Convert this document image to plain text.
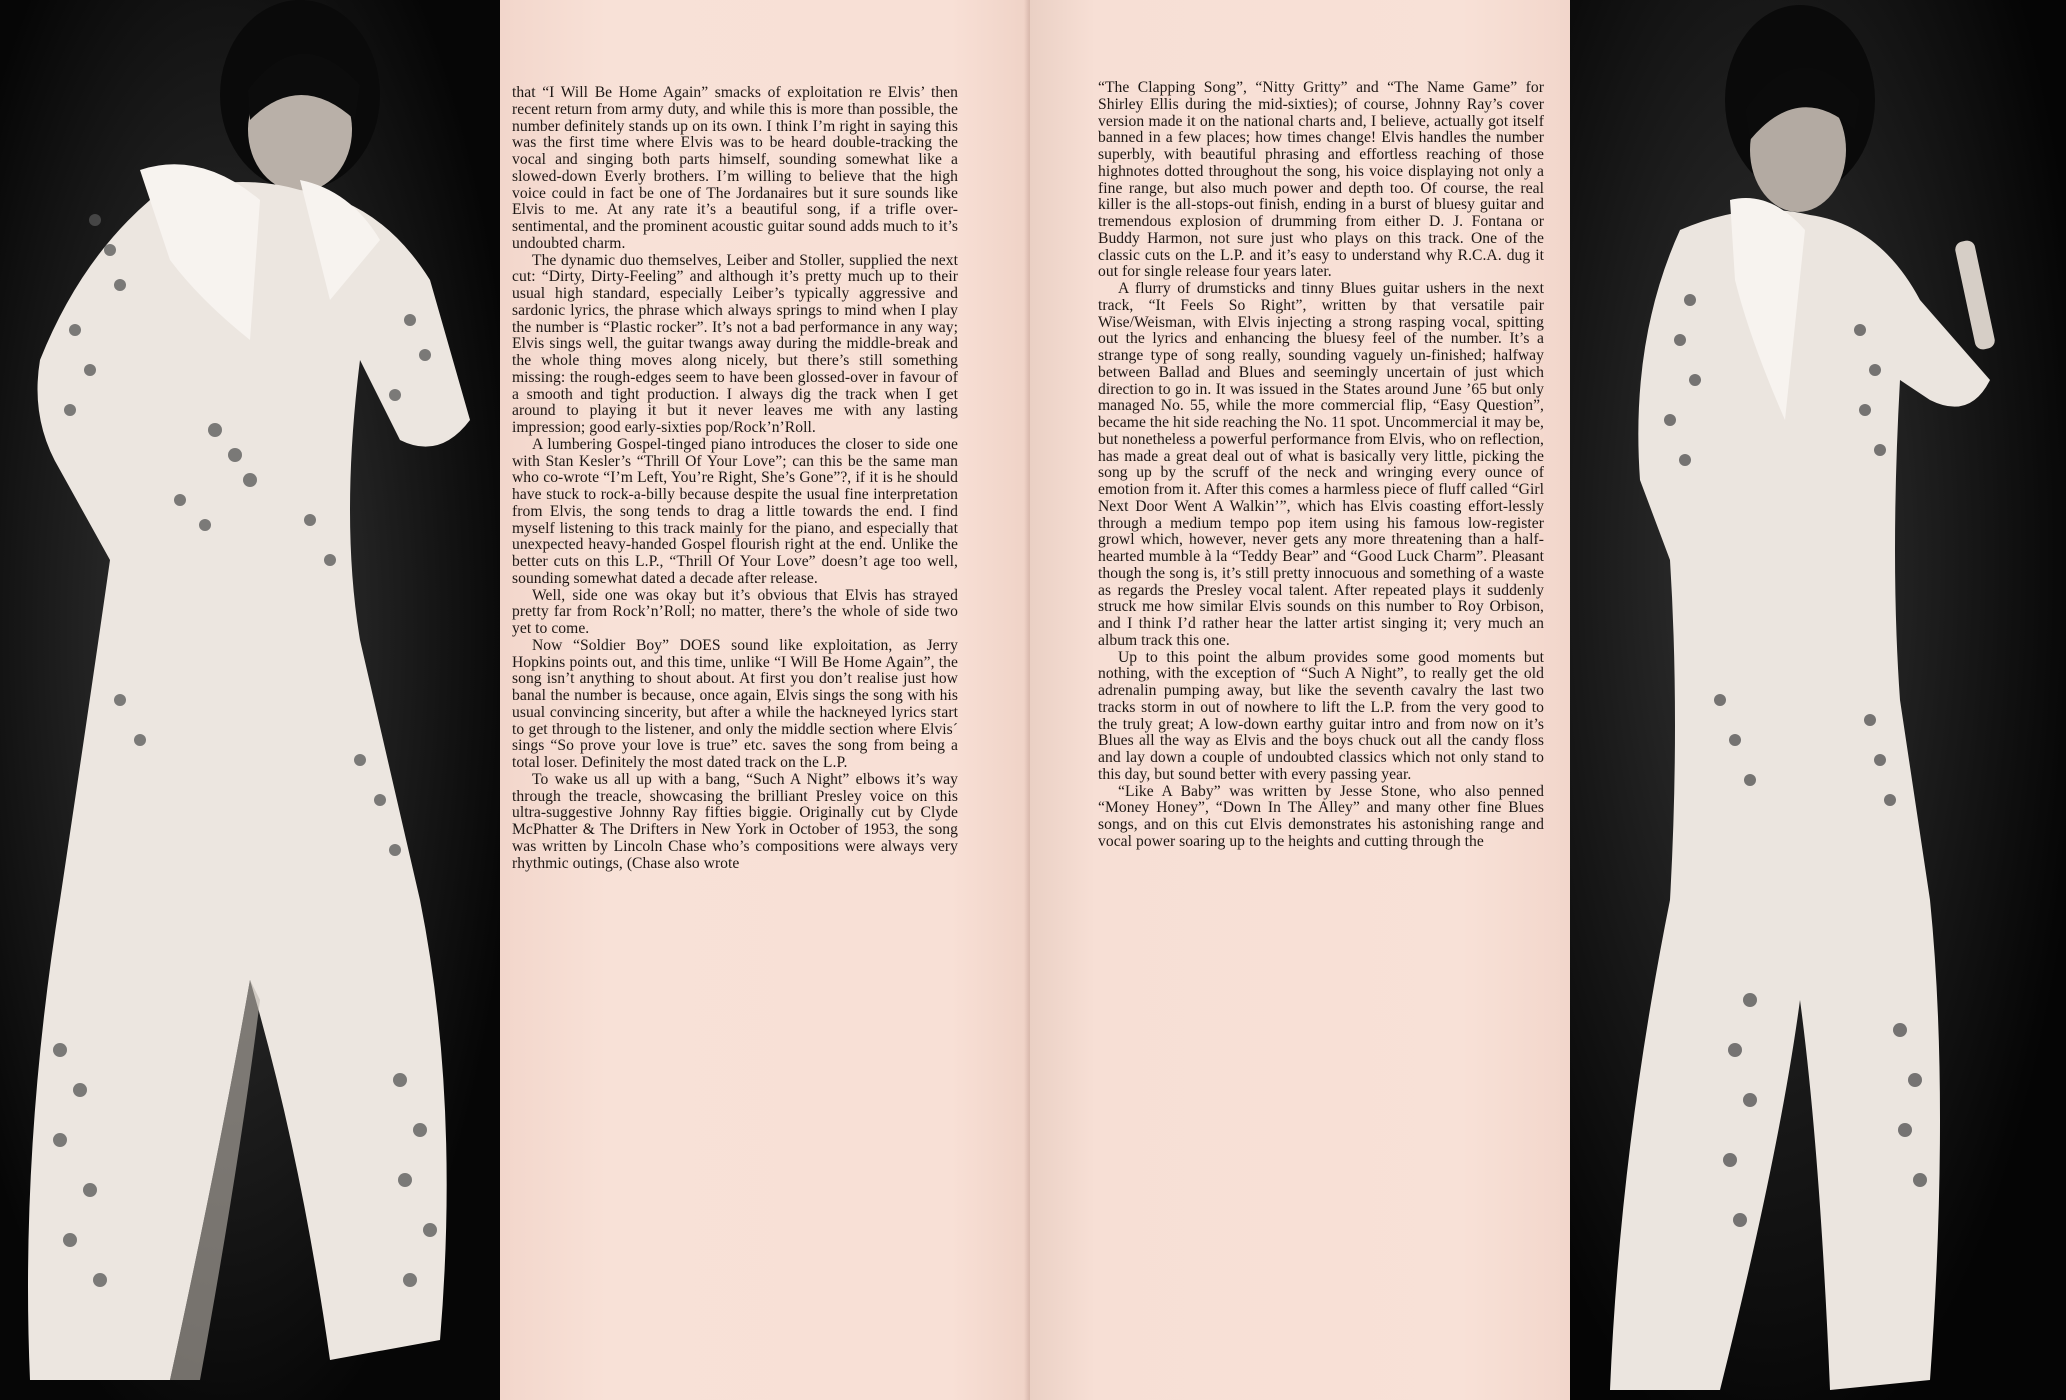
that “I Will Be Home Again” smacks of exploitation re Elvis’ then recent return from army duty, and while this is more than possible, the number definitely stands up on its own. I think I’m right in saying this was the first time where Elvis was to be heard double-tracking the vocal and singing both parts himself, sounding somewhat like a slowed-down Everly brothers. I’m willing to believe that the high voice could in fact be one of The Jordanaires but it sure sounds like Elvis to me. At any rate it’s a beautiful song, if a trifle over-sentimental, and the prominent acoustic guitar sound adds much to it’s undoubted charm.

The dynamic duo themselves, Leiber and Stoller, supplied the next cut: “Dirty, Dirty-Feeling” and although it’s pretty much up to their usual high standard, especially Leiber’s typically aggressive and sardonic lyrics, the phrase which always springs to mind when I play the number is “Plastic rocker”. It’s not a bad performance in any way; Elvis sings well, the guitar twangs away during the middle-break and the whole thing moves along nicely, but there’s still something missing: the rough-edges seem to have been glossed-over in favour of a smooth and tight production. I always dig the track when I get around to playing it but it never leaves me with any lasting impression; good early-sixties pop/Rock’n’Roll.

A lumbering Gospel-tinged piano introduces the closer to side one with Stan Kesler’s “Thrill Of Your Love”; can this be the same man who co-wrote “I’m Left, You’re Right, She’s Gone”?, if it is he should have stuck to rock-a-billy because despite the usual fine interpretation from Elvis, the song tends to drag a little towards the end. I find myself listening to this track mainly for the piano, and especially that unexpected heavy-handed Gospel flourish right at the end. Unlike the better cuts on this L.P., “Thrill Of Your Love” doesn’t age too well, sounding somewhat dated a decade after release.

Well, side one was okay but it’s obvious that Elvis has strayed pretty far from Rock’n’Roll; no matter, there’s the whole of side two yet to come.

Now “Soldier Boy” DOES sound like exploitation, as Jerry Hopkins points out, and this time, unlike “I Will Be Home Again”, the song isn’t anything to shout about. At first you don’t realise just how banal the number is because, once again, Elvis sings the song with his usual convincing sincerity, but after a while the hackneyed lyrics start to get through to the listener, and only the middle section where Elvis´ sings “So prove your love is true” etc. saves the song from being a total loser. Definitely the most dated track on the L.P.

To wake us all up with a bang, “Such A Night” elbows it’s way through the treacle, showcasing the brilliant Presley voice on this ultra-suggestive Johnny Ray fifties biggie. Originally cut by Clyde McPhatter & The Drifters in New York in October of 1953, the song was written by Lincoln Chase who’s compositions were always very rhythmic outings, (Chase also wrote

“The Clapping Song”, “Nitty Gritty” and “The Name Game” for Shirley Ellis during the mid-sixties); of course, Johnny Ray’s cover version made it on the national charts and, I believe, actually got itself banned in a few places; how times change! Elvis handles the number superbly, with beautiful phrasing and effortless reaching of those highnotes dotted throughout the song, his voice displaying not only a fine range, but also much power and depth too. Of course, the real killer is the all-stops-out finish, ending in a burst of bluesy guitar and tremendous explosion of drumming from either D. J. Fontana or Buddy Harmon, not sure just who plays on this track. One of the classic cuts on the L.P. and it’s easy to understand why R.C.A. dug it out for single release four years later.

A flurry of drumsticks and tinny Blues guitar ushers in the next track, “It Feels So Right”, written by that versatile pair Wise/Weisman, with Elvis injecting a strong rasping vocal, spitting out the lyrics and enhancing the bluesy feel of the number. It’s a strange type of song really, sounding vaguely un-finished; halfway between Ballad and Blues and seemingly uncertain of just which direction to go in. It was issued in the States around June ’65 but only managed No. 55, while the more commercial flip, “Easy Question”, became the hit side reaching the No. 11 spot. Uncommercial it may be, but nonetheless a powerful performance from Elvis, who on reflection, has made a great deal out of what is basically very little, picking the song up by the scruff of the neck and wringing every ounce of emotion from it. After this comes a harmless piece of fluff called “Girl Next Door Went A Walkin’”, which has Elvis coasting effort-lessly through a medium tempo pop item using his famous low-register growl which, however, never gets any more threatening than a half-hearted mumble à la “Teddy Bear” and “Good Luck Charm”. Pleasant though the song is, it’s still pretty innocuous and something of a waste as regards the Presley vocal talent. After repeated plays it suddenly struck me how similar Elvis sounds on this number to Roy Orbison, and I think I’d rather hear the latter artist singing it; very much an album track this one.

Up to this point the album provides some good moments but nothing, with the exception of “Such A Night”, to really get the old adrenalin pumping away, but like the seventh cavalry the last two tracks storm in out of nowhere to lift the L.P. from the very good to the truly great; A low-down earthy guitar intro and from now on it’s Blues all the way as Elvis and the boys chuck out all the candy floss and lay down a couple of undoubted classics which not only stand to this day, but sound better with every passing year.

“Like A Baby” was written by Jesse Stone, who also penned “Money Honey”, “Down In The Alley” and many other fine Blues songs, and on this cut Elvis demonstrates his astonishing range and vocal power soaring up to the heights and cutting through the
